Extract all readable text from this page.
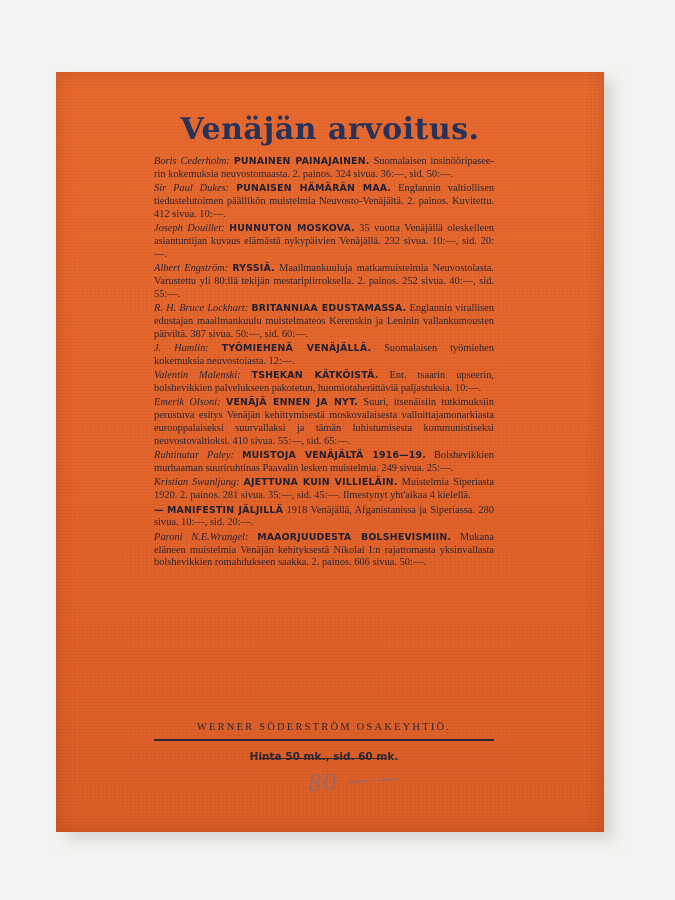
Venäjän arvoitus.

Boris Cederholm: PUNAINEN PAINAJAINEN. Suomalaisen insinööripaseerin kokemuksia neuvostomaasta. 2. painos. 324 sivua. 36:—, sid. 50:—.

Sir Paul Dukes: PUNAISEN HÄMÄRÄN MAA. Englannin valtiollisen tiedustelutoimen päällikön muistelmia Neuvosto-Venäjältä. 2. painos. Kuvitettu. 412 sivua. 10:—.

Joseph Douillet: HUNNUTON MOSKOVA. 35 vuotta Venäjällä oleskelleen asiantuntijan kuvaus elämästä nykypäivien Venäjällä. 232 sivua. 10:—, sid. 20:—.

Albert Engström: RYSSIÄ. Maailmankuuluja matkamuistelmia Neuvostolasta. Varustettu yli 80:llä tekijän mestaripiirroksella. 2. painos. 252 sivua. 40:—, sid. 55:—.

R. H. Bruce Lockhart: BRITANNIAA EDUSTAMASSA. Englannin virallisen edustajan maailmankuulu muistelmateos Kerenskin ja Leninin vallankumousten päiviltä. 387 sivua. 50:—, sid. 60:—.

J. Hamlin: TYÖMIEHENÄ VENÄJÄLLÄ. Suomalaisen työmiehen kokemuksia neuvostoiasta. 12:—.

Valentin Malenski: TSHEKAN KÄTKÖISTÄ. Ent. tsaarin upseerin, bolshevikkien palvelukseen pakotetun, huomiotaherättäviä paljastuksia. 10:—.

Emerik Olsoni: VENÄJÄ ENNEN JA NYT. Suuri, itsenäisiin tutkimuksiin perustuva esitys Venäjän kehittymisestä moskovalaisesta valloittajamonarkiasta eurooppalaiseksi suurvallaksi ja tämän luhistumisesta kommunistiseksi neuvostovaltioksi. 410 sivua. 55:—, sid. 65:—.

Ruhtinatar Paley: MUISTOJA VENÄJÄLTÄ 1916—19. Bolshevikkien murhaaman suuriruhtinas Paavalin lesken muistelmia. 249 sivua. 25:—.

Kristian Swanljung: AJETTUNA KUIN VILLIELÄIN. Muistelmia Siperiasta 1920. 2. painos. 281 sivua. 35:—, sid. 45:—. Ilmestynyt yht'aikaa 4 kielellä.

— MANIFESTIN JÄLJILLÄ 1918 Venäjällä, Afganistanissa ja Siperiassa. 280 sivua. 10:—, sid. 20:—.

Paroni N.E.Wrangel: MAAORJUUDESTA BOLSHEVISMIIN. Mukana eläneen muistelmia Venäjän kehityksestä Nikolai I:n rajattomasta yksinvallasta bolshevikkien romahdukseen saakka. 2. painos. 606 sivua. 50:—.

WERNER SÖDERSTRÖM OSAKEYHTIÖ.
Hinta 50 mk., sid. 60 mk.
80 — —
